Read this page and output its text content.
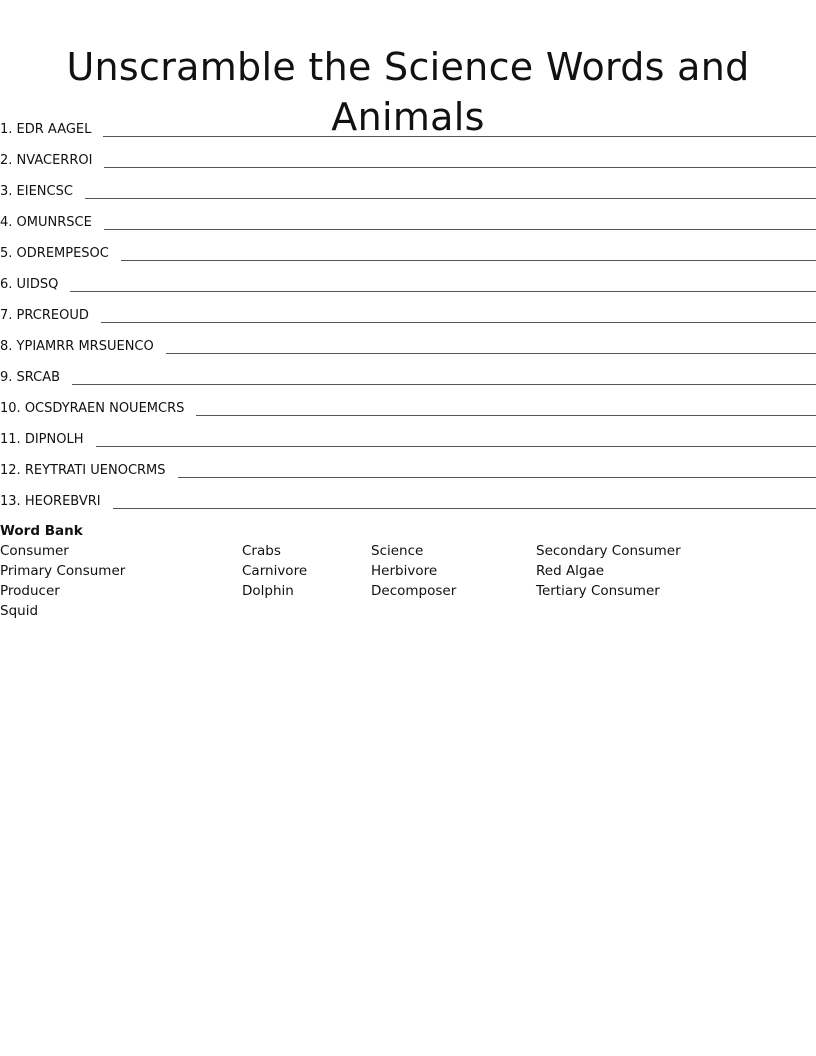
Unscramble the Science Words and Animals
1.
EDR AAGEL
2.
NVACERROI
3.
EIENCSC
4.
OMUNRSCE
5.
ODREMPESOC
6.
UIDSQ
7.
PRCREOUD
8.
YPIAMRR MRSUENCO
9.
SRCAB
10.
OCSDYRAEN NOUEMCRS
11.
DIPNOLH
12.
REYTRATI UENOCRMS
13.
HEOREBVRI
Word Bank
Consumer	Crabs	Science	Secondary Consumer
Primary Consumer	Carnivore	Herbivore	Red Algae
Producer	Dolphin	Decomposer	Tertiary Consumer
Squid
